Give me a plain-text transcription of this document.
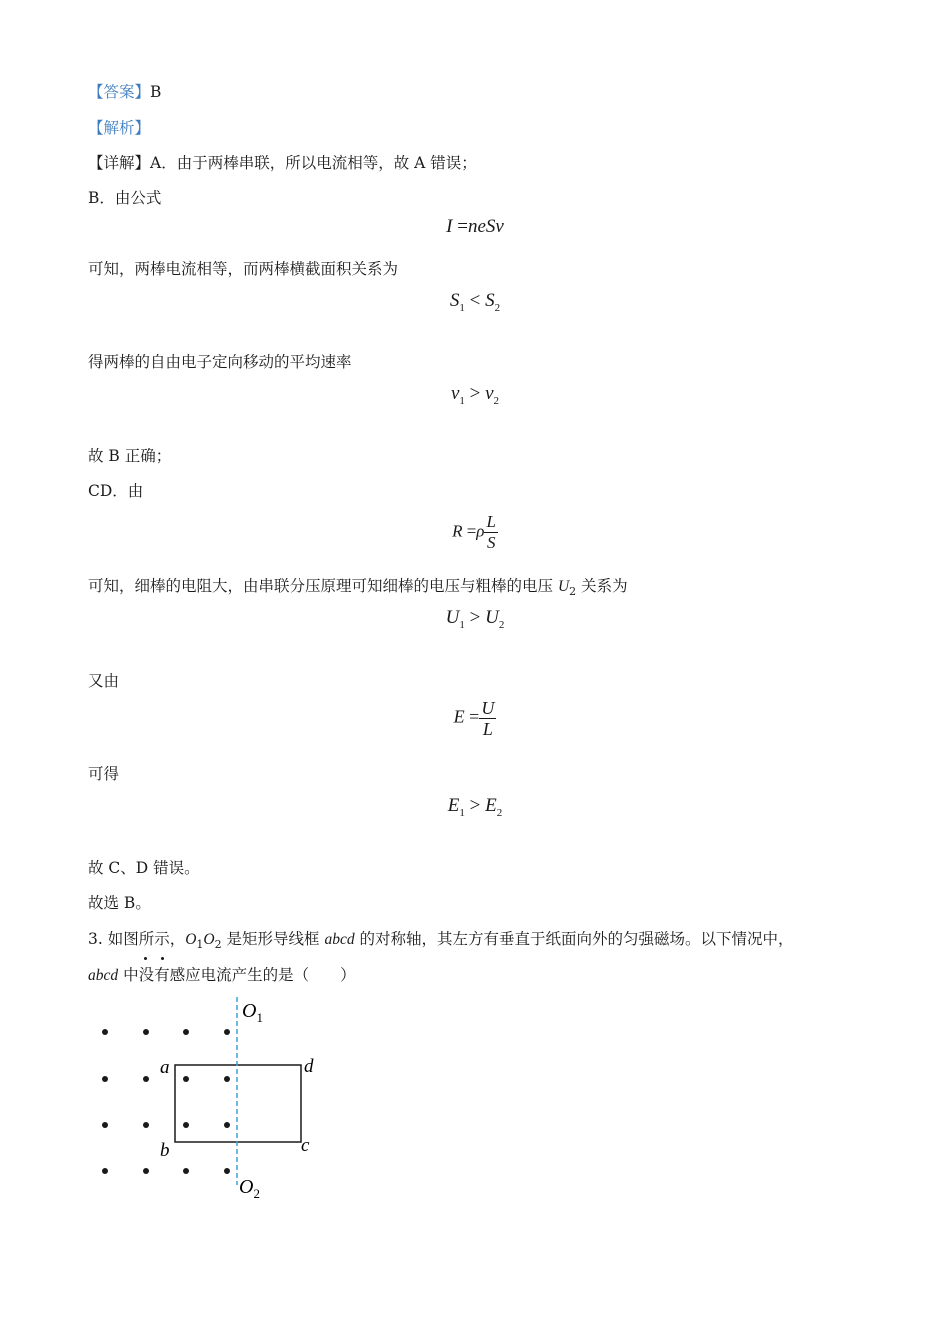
【答案】B
【解析】
【详解】A．由于两棒串联，所以电流相等，故 A 错误；
B．由公式
I =neSv
可知，两棒电流相等，而两棒横截面积关系为
$S_1 < S_2$
得两棒的自由电子定向移动的平均速率
$v_1 > v_2$
故 B 正确；
CD．由
$R =\rho \frac{L}{S}$
可知，细棒的电阻大，由串联分压原理可知细棒的电压与粗棒的电压 $U_2$ 关系为
$U_1 > U_2$
又由
$E = \frac{U}{L}$
可得
$E_1 > E_2$
故 C、D 错误。
故选 B。
3. 如图所示，$O_1O_2$ 是矩形导线框 abcd 的对称轴，其左方有垂直于纸面向外的匀强磁场。以下情况中，
abcd 中没有感应电流产生的是（　　）
$O_1$
$O_2$
a
b	c
d
